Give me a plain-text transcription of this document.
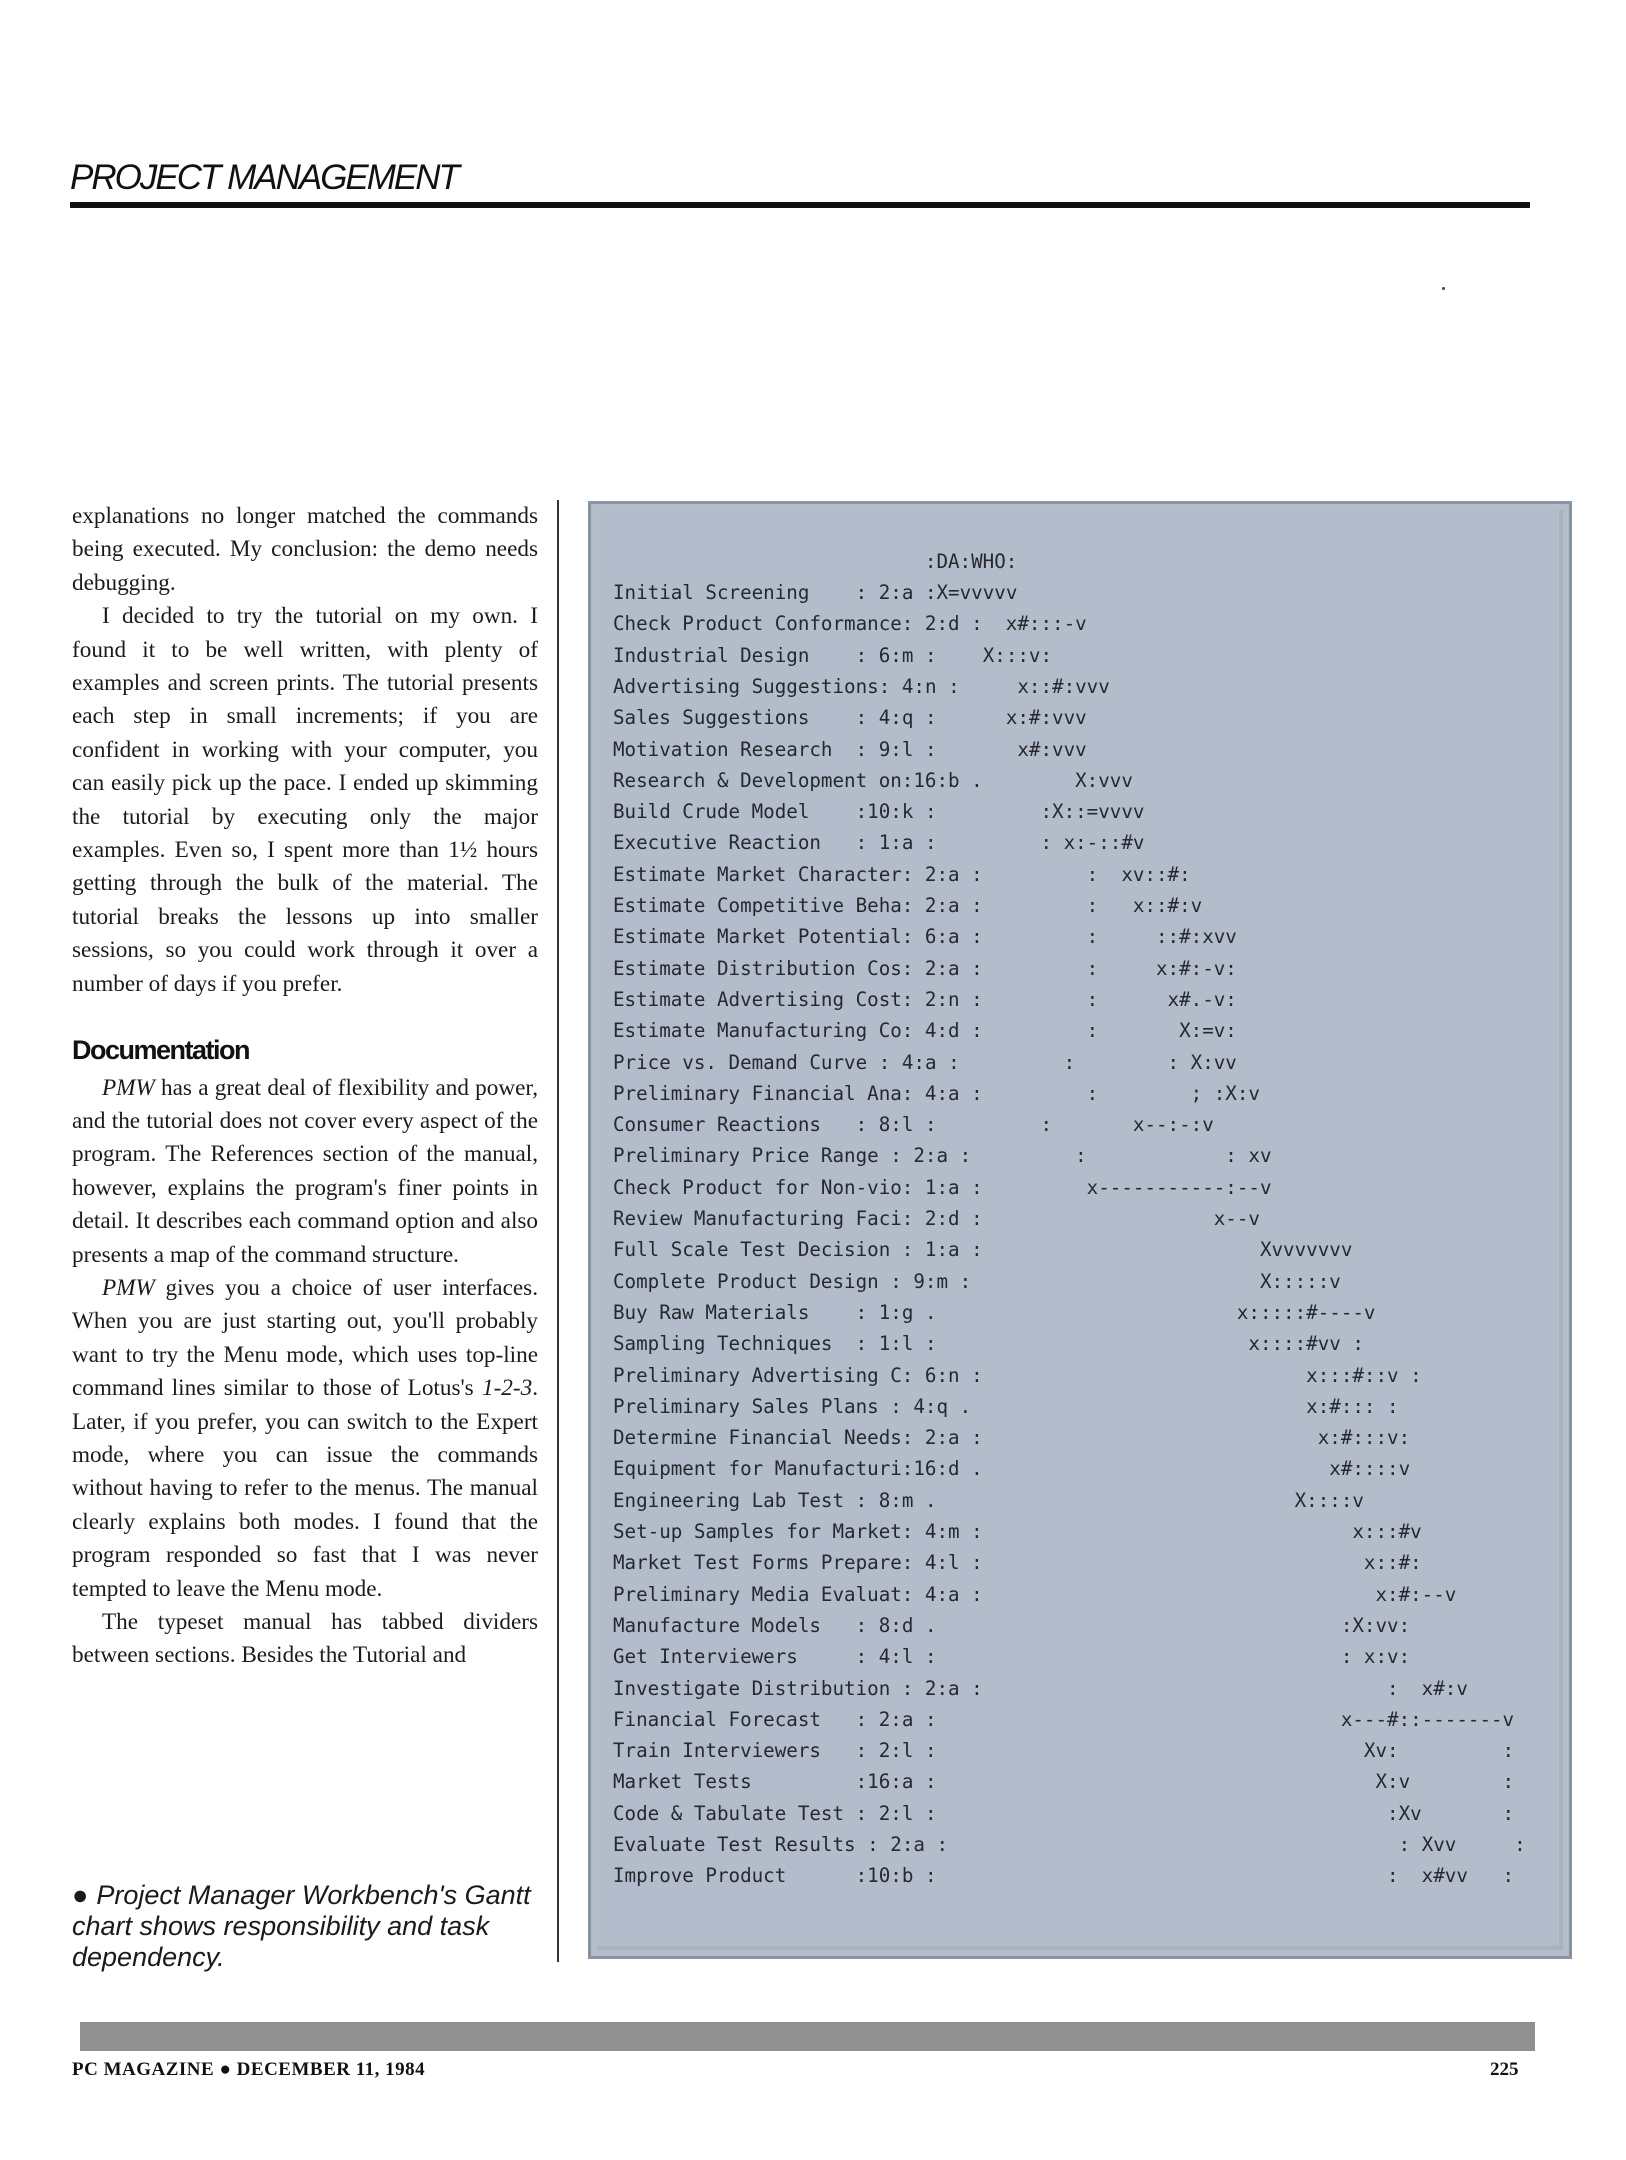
PROJECT MANAGEMENT

explanations no longer matched the commands being executed. My conclusion: the demo needs debugging.

I decided to try the tutorial on my own. I found it to be well written, with plenty of examples and screen prints. The tutorial presents each step in small increments; if you are confident in working with your computer, you can easily pick up the pace. I ended up skimming the tutorial by executing only the major examples. Even so, I spent more than 1½ hours getting through the bulk of the material. The tutorial breaks the lessons up into smaller sessions, so you could work through it over a number of days if you prefer.

Documentation

PMW has a great deal of flexibility and power, and the tutorial does not cover every aspect of the program. The References section of the manual, however, explains the program's finer points in detail. It describes each command option and also presents a map of the command structure.

PMW gives you a choice of user interfaces. When you are just starting out, you'll probably want to try the Menu mode, which uses top-line command lines similar to those of Lotus's 1-2-3. Later, if you prefer, you can switch to the Expert mode, where you can issue the commands without having to refer to the menus. The manual clearly explains both modes. I found that the program responded so fast that I was never tempted to leave the Menu mode.

The typeset manual has tabbed dividers between sections. Besides the Tutorial and

● Project Manager Workbench's Gantt chart shows responsibility and task dependency.
:DA:WHO:
Initial Screening    : 2:a :X=vvvvv
Check Product Conformance: 2:d :  x#:::-v
Industrial Design    : 6:m :    X:::v:
Advertising Suggestions: 4:n :     x::#:vvv
Sales Suggestions    : 4:q :      x:#:vvv
Motivation Research  : 9:l :       x#:vvv
Research & Development on:16:b .        X:vvv
Build Crude Model    :10:k :         :X::=vvvv
Executive Reaction   : 1:a :         : x:-::#v
Estimate Market Character: 2:a :         :  xv::#:
Estimate Competitive Beha: 2:a :         :   x::#:v
Estimate Market Potential: 6:a :         :     ::#:xvv
Estimate Distribution Cos: 2:a :         :     x:#:-v:
Estimate Advertising Cost: 2:n :         :      x#.-v:
Estimate Manufacturing Co: 4:d :         :       X:=v:
Price vs. Demand Curve : 4:a :         :        : X:vv
Preliminary Financial Ana: 4:a :         :        ; :X:v
Consumer Reactions   : 8:l :         :       x--:-:v
Preliminary Price Range : 2:a :         :            : xv
Check Product for Non-vio: 1:a :         x-----------:--v
Review Manufacturing Faci: 2:d :                    x--v
Full Scale Test Decision : 1:a :                        Xvvvvvvv
Complete Product Design : 9:m :                         X:::::v
Buy Raw Materials    : 1:g .                          x:::::#----v
Sampling Techniques  : 1:l :                           x::::#vv :
Preliminary Advertising C: 6:n :                            x:::#::v :
Preliminary Sales Plans : 4:q .                             x:#::: :
Determine Financial Needs: 2:a :                             x:#:::v:
Equipment for Manufacturi:16:d .                              x#::::v
Engineering Lab Test : 8:m .                               X::::v
Set-up Samples for Market: 4:m :                                x:::#v
Market Test Forms Prepare: 4:l :                                 x::#:
Preliminary Media Evaluat: 4:a :                                  x:#:--v
Manufacture Models   : 8:d .                                   :X:vv:
Get Interviewers     : 4:l :                                   : x:v:
Investigate Distribution : 2:a :                                   :  x#:v
Financial Forecast   : 2:a :                                   x---#::-------v
Train Interviewers   : 2:l :                                     Xv:         :
Market Tests         :16:a :                                      X:v        :
Code & Tabulate Test : 2:l :                                       :Xv       :
Evaluate Test Results : 2:a :                                       : Xvv     :
Improve Product      :10:b :                                       :  x#vv   :
PC MAGAZINE ● DECEMBER 11, 1984	225
